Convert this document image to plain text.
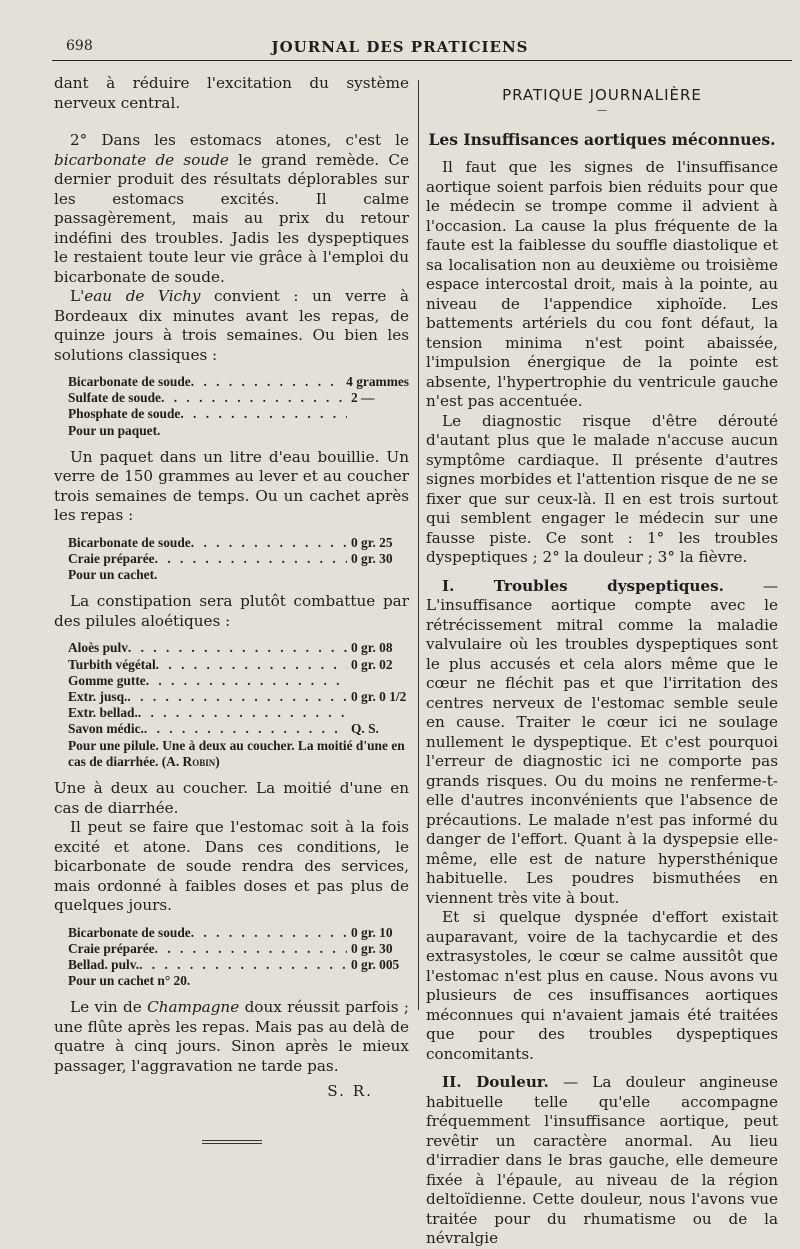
698	JOURNAL DES PRATICIENS

dant à réduire l'excitation du système nerveux central.

2° Dans les estomacs atones, c'est le bicarbonate de soude le grand remède. Ce dernier produit des résultats déplorables sur les estomacs excités. Il calme passagèrement, mais au prix du retour indéfini des troubles. Jadis les dyspeptiques le restaient toute leur vie grâce à l'emploi du bicarbonate de soude.

L'eau de Vichy convient : un verre à Bordeaux dix minutes avant les repas, de quinze jours à trois semaines. Ou bien les solutions classiques :

Bicarbonate de soude . . .	4 grammes
Sulfate de soude . . .	2 —
Phosphate de soude
. . .
Pour un paquet.

Un paquet dans un litre d'eau bouillie. Un verre de 150 grammes au lever et au coucher trois semaines de temps. Ou un cachet après les repas :

Bicarbonate de soude . . .	0 gr. 25
Craie préparée . . .	0 gr. 30
Pour un cachet.

La constipation sera plutôt combattue par des pilules aloétiques :

Aloès pulv . . .	0 gr. 08
Turbith végétal . . .	0 gr. 02
Gomme gutte
. . .
Extr. jusq. . . .	0 gr. 0 1/2
Extr. bellad.
. . .
Savon médic. . . .	Q. S.
Pour une pilule. Une à deux au coucher. La moitié d'une en cas de diarrhée. (A. Robin)

Une à deux au coucher. La moitié d'une en cas de diarrhée.

Il peut se faire que l'estomac soit à la fois excité et atone. Dans ces conditions, le bicarbonate de soude rendra des services, mais ordonné à faibles doses et pas plus de quelques jours.

Bicarbonate de soude . . .	0 gr. 10
Craie préparée . . .	0 gr. 30
Bellad. pulv. . . .	0 gr. 005
Pour un cachet n° 20.

Le vin de Champagne doux réussit parfois ; une flûte après les repas. Mais pas au delà de quatre à cinq jours. Sinon après le mieux passager, l'aggravation ne tarde pas.

S. R.
PRATIQUE JOURNALIÈRE
—
Les Insuffisances aortiques méconnues.

Il faut que les signes de l'insuffisance aortique soient parfois bien réduits pour que le médecin se trompe comme il advient à l'occasion. La cause la plus fréquente de la faute est la faiblesse du souffle diastolique et sa localisation non au deuxième ou troisième espace intercostal droit, mais à la pointe, au niveau de l'appendice xiphoïde. Les battements artériels du cou font défaut, la tension minima n'est point abaissée, l'impulsion énergique de la pointe est absente, l'hypertrophie du ventricule gauche n'est pas accentuée.

Le diagnostic risque d'être dérouté d'autant plus que le malade n'accuse aucun symptôme cardiaque. Il présente d'autres signes morbides et l'attention risque de ne se fixer que sur ceux-là. Il en est trois surtout qui semblent engager le médecin sur une fausse piste. Ce sont : 1° les troubles dyspeptiques ; 2° la douleur ; 3° la fièvre.

I. Troubles dyspeptiques. — L'insuffisance aortique compte avec le rétrécissement mitral comme la maladie valvulaire où les troubles dyspeptiques sont le plus accusés et cela alors même que le cœur ne fléchit pas et que l'irritation des centres nerveux de l'estomac semble seule en cause. Traiter le cœur ici ne soulage nullement le dyspeptique. Et c'est pourquoi l'erreur de diagnostic ici ne comporte pas grands risques. Ou du moins ne renferme-t-elle d'autres inconvénients que l'absence de précautions. Le malade n'est pas informé du danger de l'effort. Quant à la dyspepsie elle-même, elle est de nature hypersthénique habituelle. Les poudres bismuthées en viennent très vite à bout.

Et si quelque dyspnée d'effort existait auparavant, voire de la tachycardie et des extrasystoles, le cœur se calme aussitôt que l'estomac n'est plus en cause. Nous avons vu plusieurs de ces insuffisances aortiques méconnues qui n'avaient jamais été traitées que pour des troubles dyspeptiques concomitants.

II. Douleur. — La douleur angineuse habituelle telle qu'elle accompagne fréquemment l'insuffisance aortique, peut revêtir un caractère anormal. Au lieu d'irradier dans le bras gauche, elle demeure fixée à l'épaule, au niveau de la région deltoïdienne. Cette douleur, nous l'avons vue traitée pour du rhumatisme ou de la névralgie
